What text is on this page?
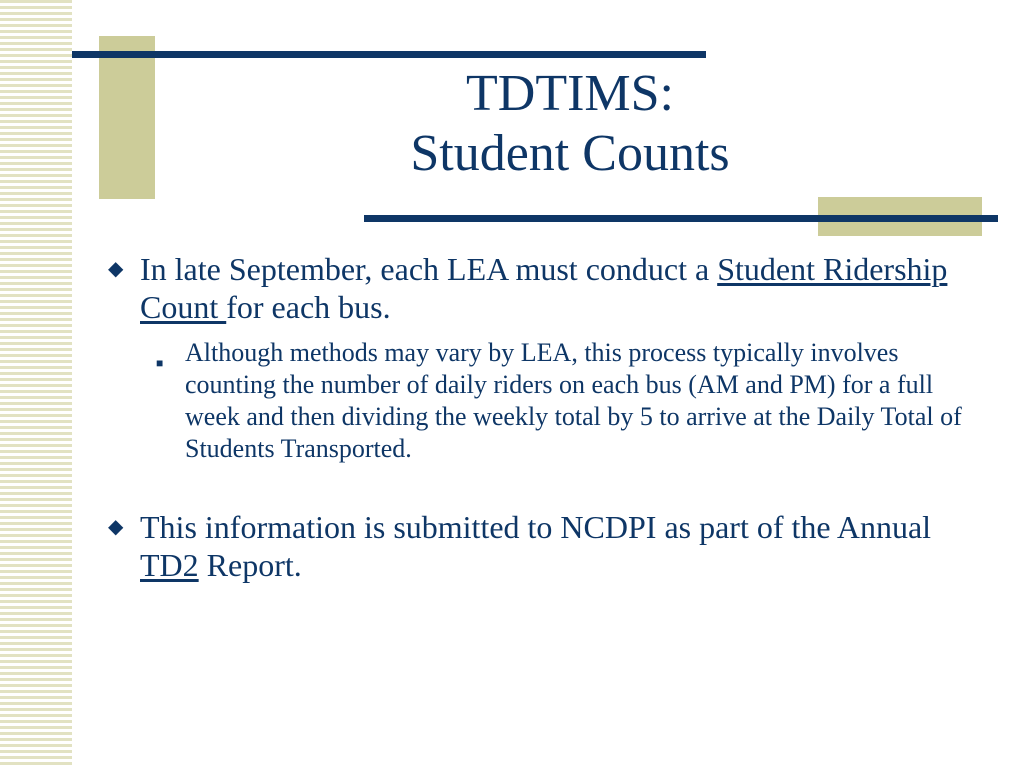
TDTIMS:
Student Counts
◆ In late September, each LEA must conduct a Student Ridership Count for each bus.
■ Although methods may vary by LEA, this process typically involves counting the number of daily riders on each bus (AM and PM) for a full week and then dividing the weekly total by 5 to arrive at the Daily Total of Students Transported.
◆ This information is submitted to NCDPI as part of the Annual TD2 Report.
